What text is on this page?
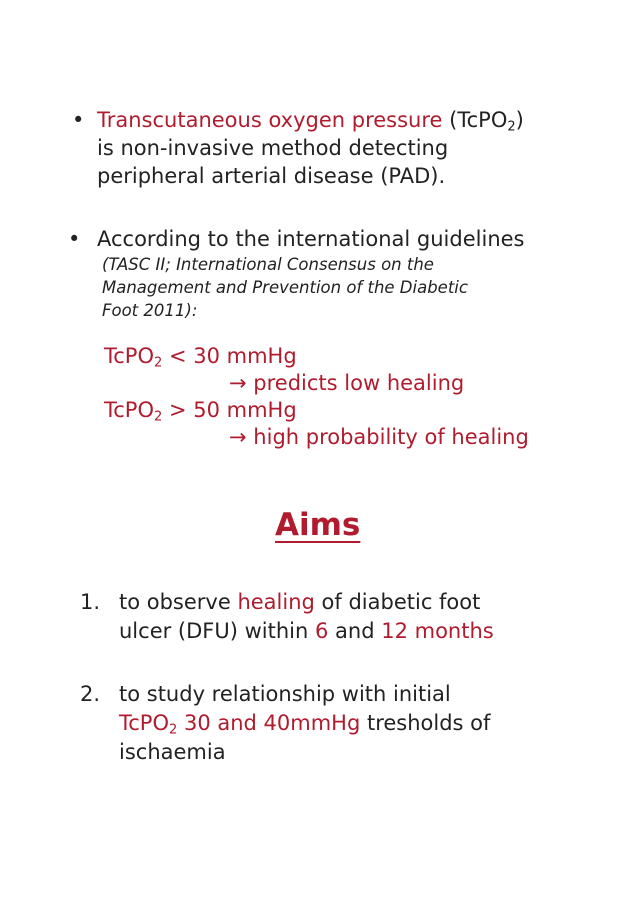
• Transcutaneous oxygen pressure (TcPO$_2$)
is non-invasive method detecting
peripheral arterial disease (PAD).
• According to the international guidelines
(TASC II; International Consensus on the
Management and Prevention of the Diabetic
Foot 2011):
TcPO$_2$ < 30 mmHg
→ predicts low healing
TcPO$_2$ > 50 mmHg
→ high probability of healing
Aims
1. to observe healing of diabetic foot
ulcer (DFU) within 6 and 12 months
2. to study relationship with initial
TcPO$_2$ 30 and 40mmHg tresholds of
ischaemia
